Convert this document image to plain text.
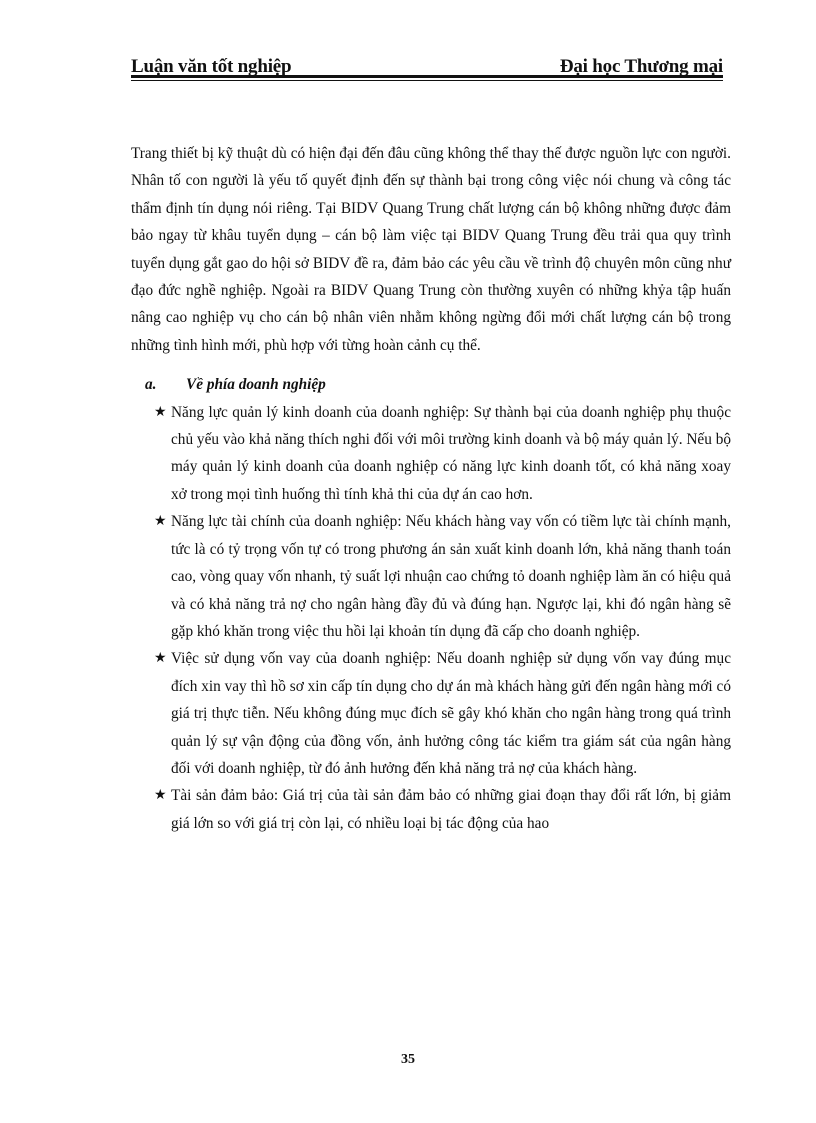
Luận văn tốt nghiệp	Đại học Thương mại

Trang thiết bị kỹ thuật dù có hiện đại đến đâu cũng không thể thay thế được nguồn lực con người. Nhân tố con người là yếu tố quyết định đến sự thành bại trong công việc nói chung và công tác thẩm định tín dụng nói riêng. Tại BIDV Quang Trung chất lượng cán bộ không những được đảm bảo ngay từ khâu tuyển dụng – cán bộ làm việc tại BIDV Quang Trung đều trải qua quy trình tuyển dụng gắt gao do hội sở BIDV đề ra, đảm bảo các yêu cầu về trình độ chuyên môn cũng như đạo đức nghề nghiệp. Ngoài ra BIDV Quang Trung còn thường xuyên có những khỷa tập huấn nâng cao nghiệp vụ cho cán bộ nhân viên nhằm không ngừng đổi mới chất lượng cán bộ trong những tình hình mới, phù hợp với từng hoàn cảnh cụ thể.

a.	Về phía doanh nghiệp
★ Năng lực quản lý kinh doanh của doanh nghiệp: Sự thành bại của doanh nghiệp phụ thuộc chủ yếu vào khả năng thích nghi đối với môi trường kinh doanh và bộ máy quản lý. Nếu bộ máy quản lý kinh doanh của doanh nghiệp có năng lực kinh doanh tốt, có khả năng xoay xở trong mọi tình huống thì tính khả thi của dự án cao hơn.
★ Năng lực tài chính của doanh nghiệp: Nếu khách hàng vay vốn có tiềm lực tài chính mạnh, tức là có tỷ trọng vốn tự có trong phương án sản xuất kinh doanh lớn, khả năng thanh toán cao, vòng quay vốn nhanh, tỷ suất lợi nhuận cao chứng tỏ doanh nghiệp làm ăn có hiệu quả và có khả năng trả nợ cho ngân hàng đầy đủ và đúng hạn. Ngược lại, khi đó ngân hàng sẽ gặp khó khăn trong việc thu hồi lại khoản tín dụng đã cấp cho doanh nghiệp.
★ Việc sử dụng vốn vay của doanh nghiệp: Nếu doanh nghiệp sử dụng vốn vay đúng mục đích xin vay thì hồ sơ xin cấp tín dụng cho dự án mà khách hàng gửi đến ngân hàng mới có giá trị thực tiễn. Nếu không đúng mục đích sẽ gây khó khăn cho ngân hàng trong quá trình quản lý sự vận động của đồng vốn, ảnh hưởng công tác kiểm tra giám sát của ngân hàng đối với doanh nghiệp, từ đó ảnh hưởng đến khả năng trả nợ của khách hàng.
★ Tài sản đảm bảo: Giá trị của tài sản đảm bảo có những giai đoạn thay đổi rất lớn, bị giảm giá lớn so với giá trị còn lại, có nhiều loại bị tác động của hao
35
